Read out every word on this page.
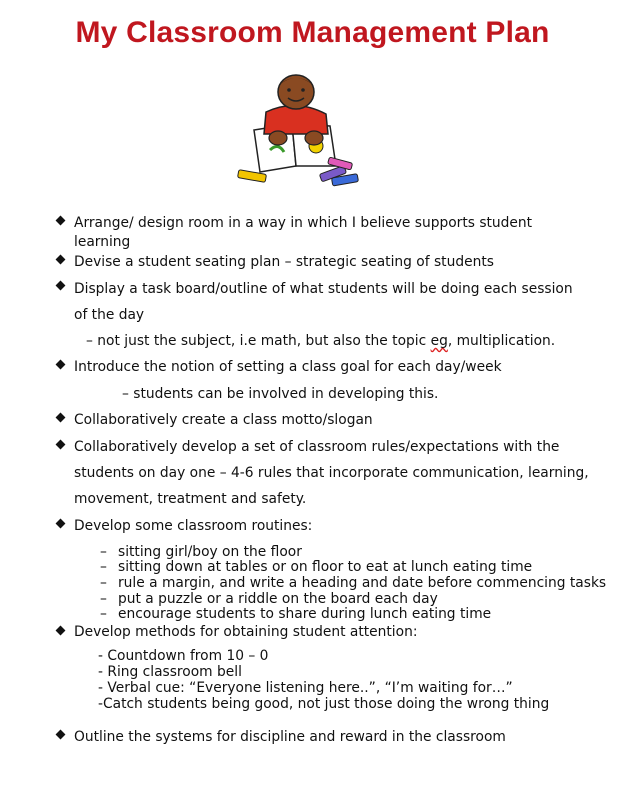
My Classroom Management Plan
Arrange/ design room in a way in which I believe supports student
learning
Devise a student seating plan – strategic seating of students
Display a task board/outline of what students will be doing each session
of the day
– not just the subject, i.e math, but also the topic eg, multiplication.
Introduce the notion of setting a class goal for each day/week
– students can be involved in developing this.
Collaboratively create a class motto/slogan
Collaboratively develop a set of classroom rules/expectations with the
students on day one – 4-6 rules that incorporate communication, learning,
movement, treatment and safety.
Develop some classroom routines:
– sitting girl/boy on the floor
– sitting down at tables or on floor to eat at lunch eating time
– rule a margin, and write a heading and date before commencing tasks
– put a puzzle or a riddle on the board each day
– encourage students to share during lunch eating time
Develop methods for obtaining student attention:
- Countdown from 10 – 0
- Ring classroom bell
- Verbal cue: “Everyone listening here..”, “I’m waiting for…”
-Catch students being good, not just those doing the wrong thing
Outline the systems for discipline and reward in the classroom
